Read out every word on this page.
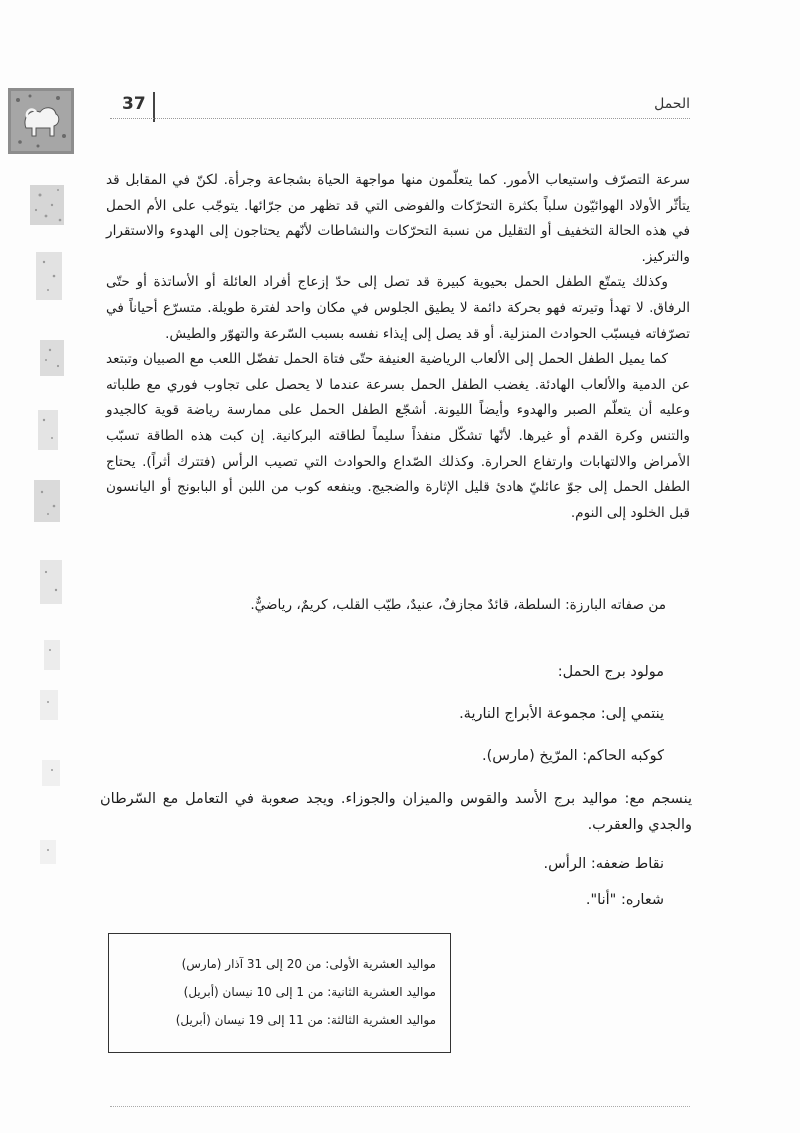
37	الحمل

سرعة التصرّف واستيعاب الأمور. كما يتعلّمون منها مواجهة الحياة بشجاعة وجرأة. لكنّ في المقابل قد يتأثّر الأولاد الهوائيّون سلباً بكثرة التحرّكات والفوضى التي قد تظهر من جرّائها. يتوجّب على الأم الحمل في هذه الحالة التخفيف أو التقليل من نسبة التحرّكات والنشاطات لأنّهم يحتاجون إلى الهدوء والاستقرار والتركيز.

وكذلك يتمتّع الطفل الحمل بحيوية كبيرة قد تصل إلى حدّ إزعاج أفراد العائلة أو الأساتذة أو حتّى الرفاق. لا تهدأ وتيرته فهو بحركة دائمة لا يطيق الجلوس في مكان واحد لفترة طويلة. متسرّع أحياناً في تصرّفاته فيسبّب الحوادث المنزلية. أو قد يصل إلى إيذاء نفسه بسبب السّرعة والتهوّر والطيش.

كما يميل الطفل الحمل إلى الألعاب الرياضية العنيفة حتّى فتاة الحمل تفضّل اللعب مع الصبيان وتبتعد عن الدمية والألعاب الهادئة. يغضب الطفل الحمل بسرعة عندما لا يحصل على تجاوب فوري مع طلباته وعليه أن يتعلّم الصبر والهدوء وأيضاً الليونة. أشجّع الطفل الحمل على ممارسة رياضة قوية كالجيدو والتنس وكرة القدم أو غيرها. لأنّها تشكّل منفذاً سليماً لطاقته البركانية. إن كبت هذه الطاقة تسبّب الأمراض والالتهابات وارتفاع الحرارة. وكذلك الصّداع والحوادث التي تصيب الرأس (فتترك أثراً). يحتاج الطفل الحمل إلى جوّ عائليّ هادئ قليل الإثارة والضجيج. وينفعه كوب من اللبن أو البابونج أو اليانسون قبل الخلود إلى النوم.

من صفاته البارزة: السلطة، قائدٌ مجازفٌ، عنيدٌ، طيّب القلب، كريمٌ، رياضيٌّ.
مولود برج الحمل:
ينتمي إلى: مجموعة الأبراج النارية.
كوكبه الحاكم: المرّيخ (مارس).
ينسجم مع: مواليد برج الأسد والقوس والميزان والجوزاء. ويجد صعوبة في التعامل مع السّرطان والجدي والعقرب.
نقاط ضعفه: الرأس.
شعاره: "أنا".
مواليد العشرية الأولى: من 20 إلى 31 آذار (مارس)
مواليد العشرية الثانية: من 1 إلى 10 نيسان (أبريل)
مواليد العشرية الثالثة: من 11 إلى 19 نيسان (أبريل)
